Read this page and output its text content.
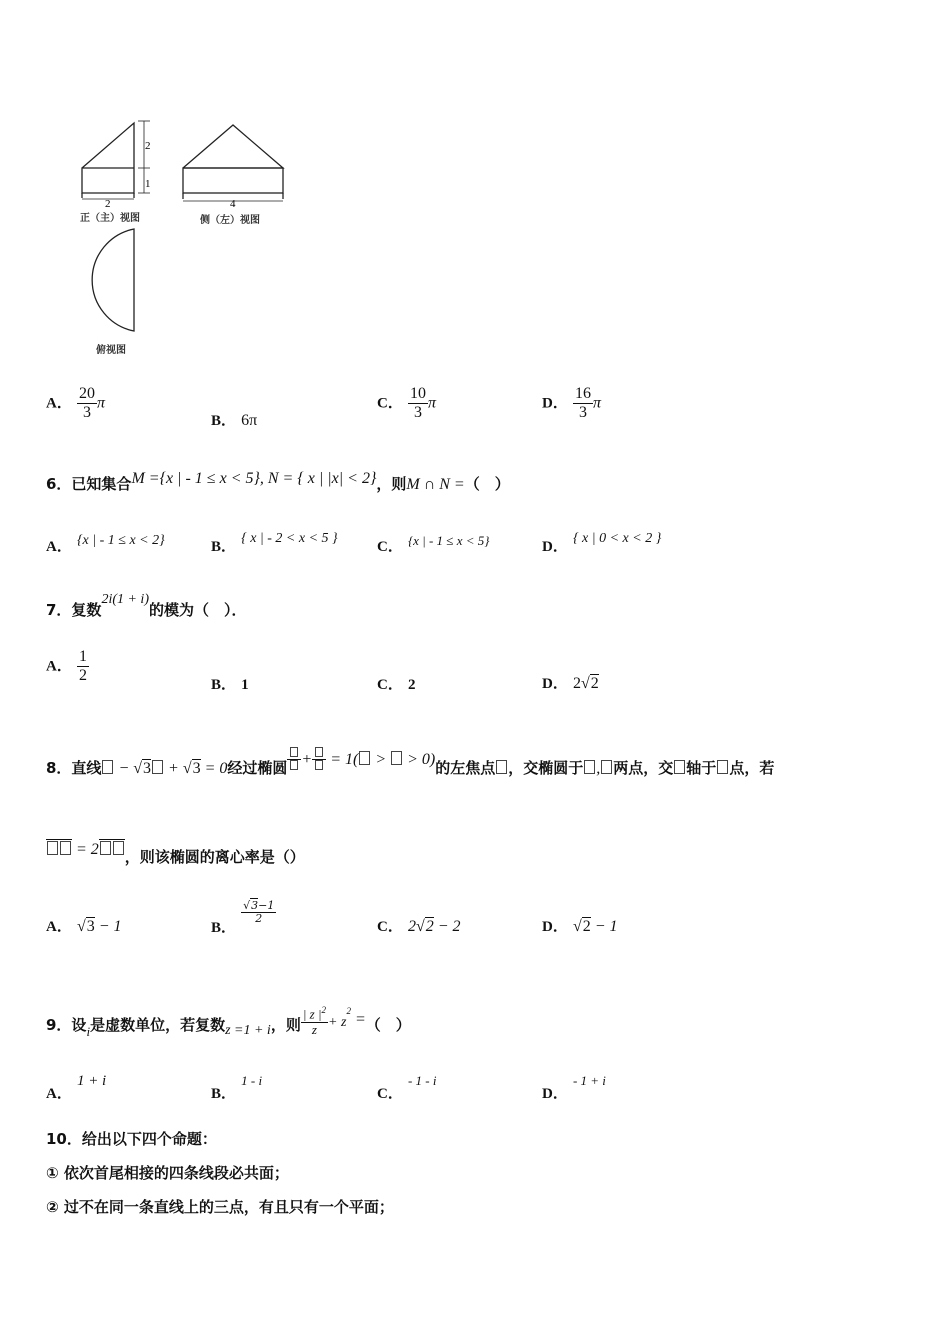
2
1
2
正（主）视图
4
侧（左）视图
俯视图
A． $\frac{20}{3}$ π
B． 6π
C． $\frac{10}{3}$ π	D． $\frac{16}{3}$ π
6．已知集合M ={x | - 1 ≤ x < 5}, N = { x | |x| < 2}，则M ∩ N =（　）
A． {x | - 1 ≤ x < 2}	B． { x | - 2 < x < 5 }
C． $^{\{x | - 1 \le x < 5\}}$	D． { x | 0 < x < 2 }
7．复数2i(1 + i)的模为（　）．
A． $\frac{1}{2}$
B． 1	C． 2	D． 2√2
8．直线 − √3 + √3 = 0经过椭圆 +
= 1( >  > 0)的左焦点 ，交椭圆于 , 两点，交 轴于 点，若
= 2 ，则该椭圆的离心率是（）
A． √3 − 1	B．
$\frac{√3-1}{2}$
C． 2√2 − 2	D． √2 − 1
9．设i是虚数单位，若复数z =1 + i，则 $\frac{| z |^2}{z} + z^2$ =（　）
A． 1 + i
B． 1 - i
C． - 1 - i
D． - 1 + i
10．给出以下四个命题：
① 依次首尾相接的四条线段必共面；
② 过不在同一条直线上的三点，有且只有一个平面；
